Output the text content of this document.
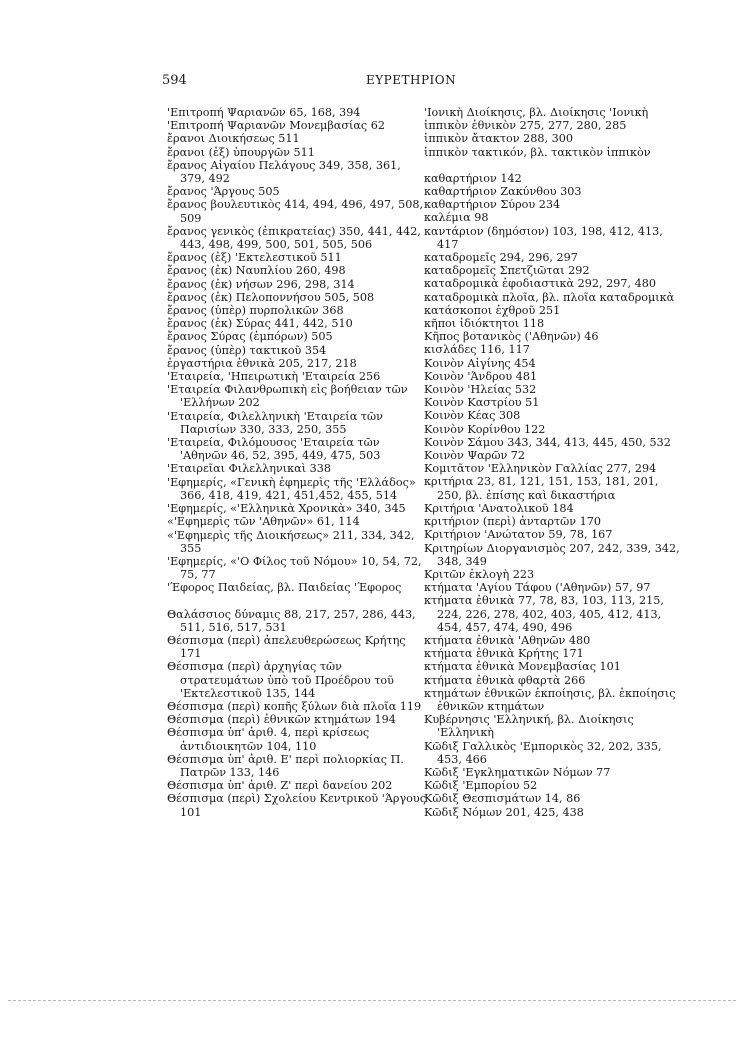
594	ΕΥΡΕΤΗΡΙΟΝ
'Επιτροπή Ψαριανῶν 65, 168, 394
'Επιτροπή Ψαριανῶν Μονεμβασίας 62
ἔρανοι Διοικήσεως 511
ἔρανοι (ἐξ) ὑπουργῶν 511
ἔρανος Αἰγαίου Πελάγους 349, 358, 361, 379, 492
ἔρανος 'Άργους 505
ἔρανος βουλευτικὸς 414, 494, 496, 497, 508, 509
ἔρανος γενικὸς (ἐπικρατείας) 350, 441, 442, 443, 498, 499, 500, 501, 505, 506
ἔρανος (ἐξ) 'Εκτελεστικοῦ 511
ἔρανος (ἐκ) Ναυπλίου 260, 498
ἔρανος (ἐκ) νήσων 296, 298, 314
ἔρανος (ἐκ) Πελοποννήσου 505, 508
ἔρανος (ὑπὲρ) πυρπολικῶν 368
ἔρανος (ἐκ) Σύρας 441, 442, 510
ἔρανος Σύρας (ἐμπόρων) 505
ἔρανος (ὑπὲρ) τακτικοῦ 354
ἐργαστήρια ἐθνικὰ 205, 217, 218
'Εταιρεία, 'Ηπειρωτικὴ 'Εταιρεία 256
'Εταιρεία Φιλανθρωπικὴ εἰς βοήθειαν τῶν 'Ελλήνων 202
'Εταιρεία, Φιλελληνικὴ 'Εταιρεία τῶν Παρισίων 330, 333, 250, 355
'Εταιρεία, Φιλόμουσος 'Εταιρεία τῶν 'Αθηνῶν 46, 52, 395, 449, 475, 503
'Εταιρεῖαι Φιλελληνικαὶ 338
'Εφημερίς, «Γενικὴ ἐφημερὶς τῆς 'Ελλάδος» 366, 418, 419, 421, 451,452, 455, 514
'Εφημερίς, «'Ελληνικὰ Χρονικὰ» 340, 345
«'Εφημερὶς τῶν 'Αθηνῶν» 61, 114
«'Εφημερὶς τῆς Διοικήσεως» 211, 334, 342, 355
'Εφημερίς, «'Ο Φίλος τοῦ Νόμου» 10, 54, 72, 75, 77
'Έφορος Παιδείας, βλ. Παιδείας 'Έφορος
Θαλάσσιος δύναμις 88, 217, 257, 286, 443, 511, 516, 517, 531
Θέσπισμα (περὶ) ἀπελευθερώσεως Κρήτης 171
Θέσπισμα (περὶ) ἀρχηγίας τῶν στρατευμάτων ὑπὸ τοῦ Προέδρου τοῦ 'Εκτελεστικοῦ 135, 144
Θέσπισμα (περὶ) κοπῆς ξύλων διὰ πλοῖα 119
Θέσπισμα (περὶ) ἐθνικῶν κτημάτων 194
Θέσπισμα ὑπ' ἀριθ. 4, περὶ κρίσεως ἀντιδιοικητῶν 104, 110
Θέσπισμα ὑπ' ἀριθ. Ε' περὶ πολιορκίας Π. Πατρῶν 133, 146
Θέσπισμα ὑπ' ἀριθ. Ζ' περὶ δανείου 202
Θέσπισμα (περὶ) Σχολείου Κεντρικοῦ 'Άργους 101
'Ιονικὴ Διοίκησις, βλ. Διοίκησις 'Ιονικὴ
ἱππικὸν ἐθνικὸν 275, 277, 280, 285
ἱππικὸν ἄτακτον 288, 300
ἱππικὸν τακτικόν, βλ. τακτικὸν ἱππικὸν
καθαρτήριον 142
καθαρτήριον Ζακύνθου 303
καθαρτήριον Σύρου 234
καλέμια 98
καντάριον (δημόσιον) 103, 198, 412, 413, 417
καταδρομεῖς 294, 296, 297
καταδρομεῖς Σπετζιῶται 292
καταδρομικὰ ἐφοδιαστικὰ 292, 297, 480
καταδρομικὰ πλοῖα, βλ. πλοῖα καταδρομικὰ
κατάσκοποι ἐχθροῦ 251
κῆποι ἰδιόκτητοι 118
Κῆπος βοτανικὸς ('Αθηνῶν) 46
κισλάδες 116, 117
Κοινὸν Αἰγίνης 454
Κοινὸν 'Άνδρου 481
Κοινὸν 'Ηλείας 532
Κοινὸν Καστρίου 51
Κοινὸν Κέας 308
Κοινὸν Κορίνθου 122
Κοινὸν Σάμου 343, 344, 413, 445, 450, 532
Κοινὸν Ψαρῶν 72
Κομιτᾶτον 'Ελληνικὸν Γαλλίας 277, 294
κριτήρια 23, 81, 121, 151, 153, 181, 201, 250, βλ. ἐπίσης καὶ δικαστήρια
Κριτήρια 'Ανατολικοῦ 184
κριτήριον (περὶ) ἀνταρτῶν 170
Κριτήριον 'Ανώτατον 59, 78, 167
Κριτηρίων Διοργανισμὸς 207, 242, 339, 342, 348, 349
Κριτῶν ἐκλογὴ 223
κτήματα 'Αγίου Τάφου ('Αθηνῶν) 57, 97
κτήματα ἐθνικὰ 77, 78, 83, 103, 113, 215, 224, 226, 278, 402, 403, 405, 412, 413, 454, 457, 474, 490, 496
κτήματα ἐθνικὰ 'Αθηνῶν 480
κτήματα ἐθνικὰ Κρήτης 171
κτήματα ἐθνικὰ Μονεμβασίας 101
κτήματα ἐθνικὰ φθαρτὰ 266
κτημάτων ἐθνικῶν ἐκποίησις, βλ. ἐκποίησις ἐθνικῶν κτημάτων
Κυβέρνησις 'Ελληνική, βλ. Διοίκησις 'Ελληνικὴ
Κῶδιξ Γαλλικὸς 'Εμπορικὸς 32, 202, 335, 453, 466
Κῶδιξ 'Εγκληματικῶν Νόμων 77
Κῶδιξ 'Εμπορίου 52
Κῶδιξ Θεσπισμάτων 14, 86
Κῶδιξ Νόμων 201, 425, 438
